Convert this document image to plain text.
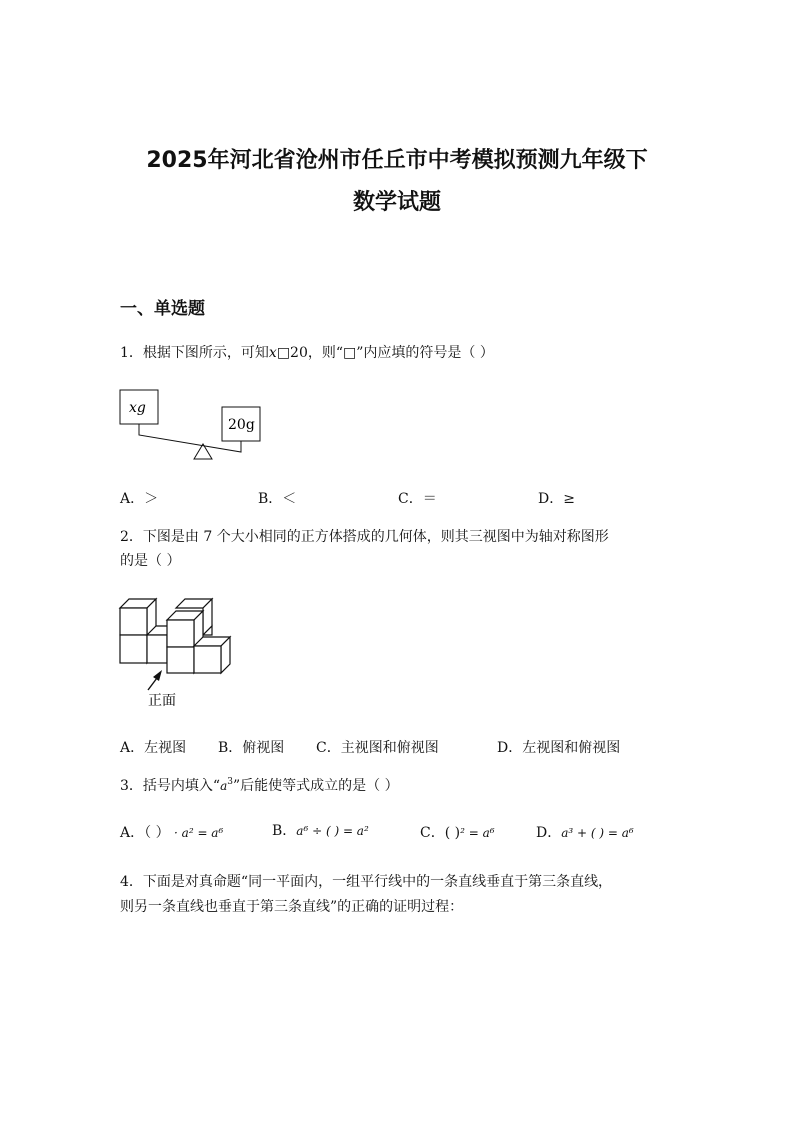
2025年河北省沧州市任丘市中考模拟预测九年级下
数学试题
一、单选题
1．根据下图所示，可知x□20，则“□”内应填的符号是（ ）
xg
20g
A．＞	B．＜	C．＝	D．≥
2．下图是由 7 个大小相同的正方体搭成的几何体，则其三视图中为轴对称图形
的是（ ）
正面
A．左视图 B．俯视图 C．主视图和俯视图	D．左视图和俯视图
3．括号内填入“$a^3$”后能使等式成立的是（ ）
A．（ ） · a² = a⁶	B．a⁶ ÷ ( ) = a²	C．( )² = a⁶	D．a³ + ( ) = a⁶
4．下面是对真命题“同一平面内，一组平行线中的一条直线垂直于第三条直线，
则另一条直线也垂直于第三条直线”的正确的证明过程：
